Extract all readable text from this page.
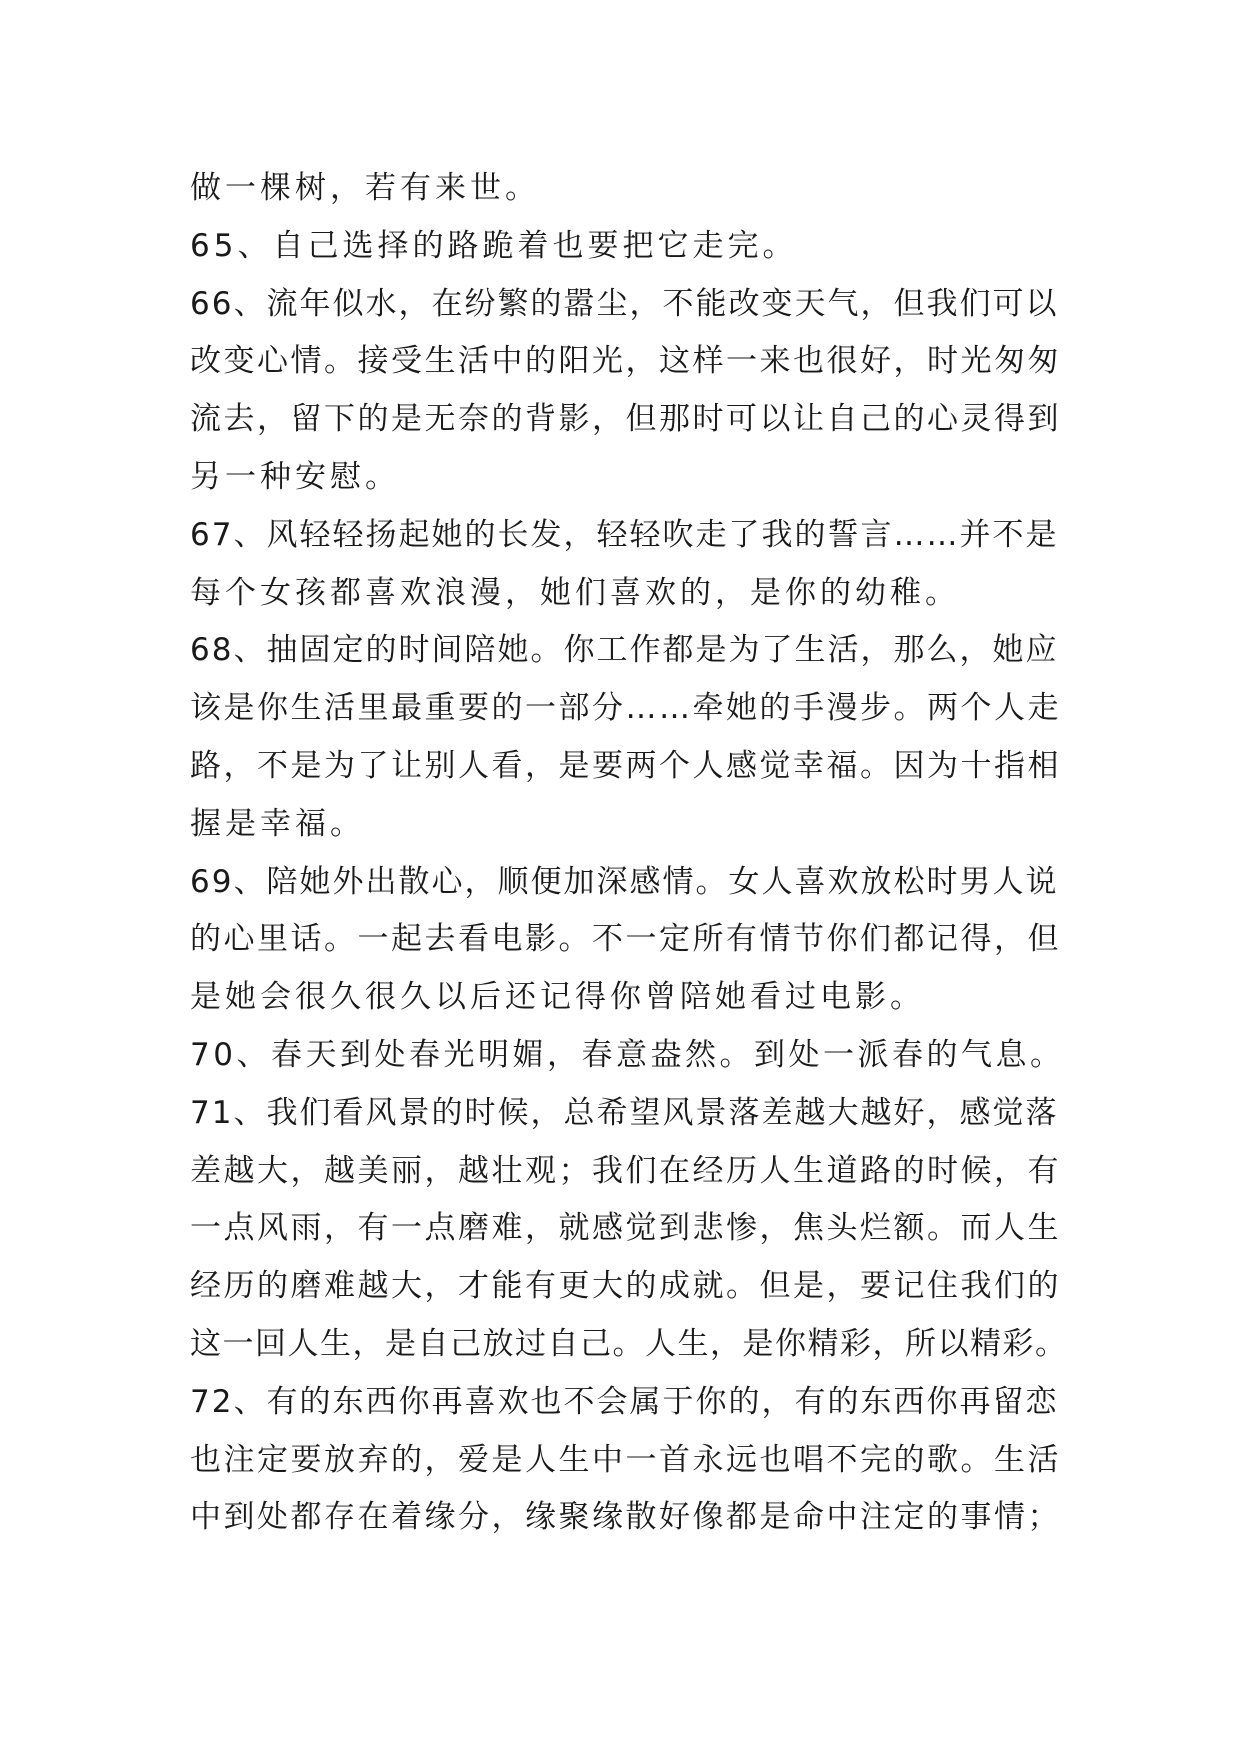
做一棵树，若有来世。
65、自己选择的路跪着也要把它走完。
66、流年似水，在纷繁的嚣尘，不能改变天气，但我们可以
改变心情。接受生活中的阳光，这样一来也很好，时光匆匆
流去，留下的是无奈的背影，但那时可以让自己的心灵得到
另一种安慰。
67、风轻轻扬起她的长发，轻轻吹走了我的誓言……并不是
每个女孩都喜欢浪漫，她们喜欢的，是你的幼稚。
68、抽固定的时间陪她。你工作都是为了生活，那么，她应
该是你生活里最重要的一部分……牵她的手漫步。两个人走
路，不是为了让别人看，是要两个人感觉幸福。因为十指相
握是幸福。
69、陪她外出散心，顺便加深感情。女人喜欢放松时男人说
的心里话。一起去看电影。不一定所有情节你们都记得，但
是她会很久很久以后还记得你曾陪她看过电影。
70、春天到处春光明媚，春意盎然。到处一派春的气息。
71、我们看风景的时候，总希望风景落差越大越好，感觉落
差越大，越美丽，越壮观；我们在经历人生道路的时候，有
一点风雨，有一点磨难，就感觉到悲惨，焦头烂额。而人生
经历的磨难越大，才能有更大的成就。但是，要记住我们的
这一回人生，是自己放过自己。人生，是你精彩，所以精彩。
72、有的东西你再喜欢也不会属于你的，有的东西你再留恋
也注定要放弃的，爱是人生中一首永远也唱不完的歌。生活
中到处都存在着缘分，缘聚缘散好像都是命中注定的事情；
